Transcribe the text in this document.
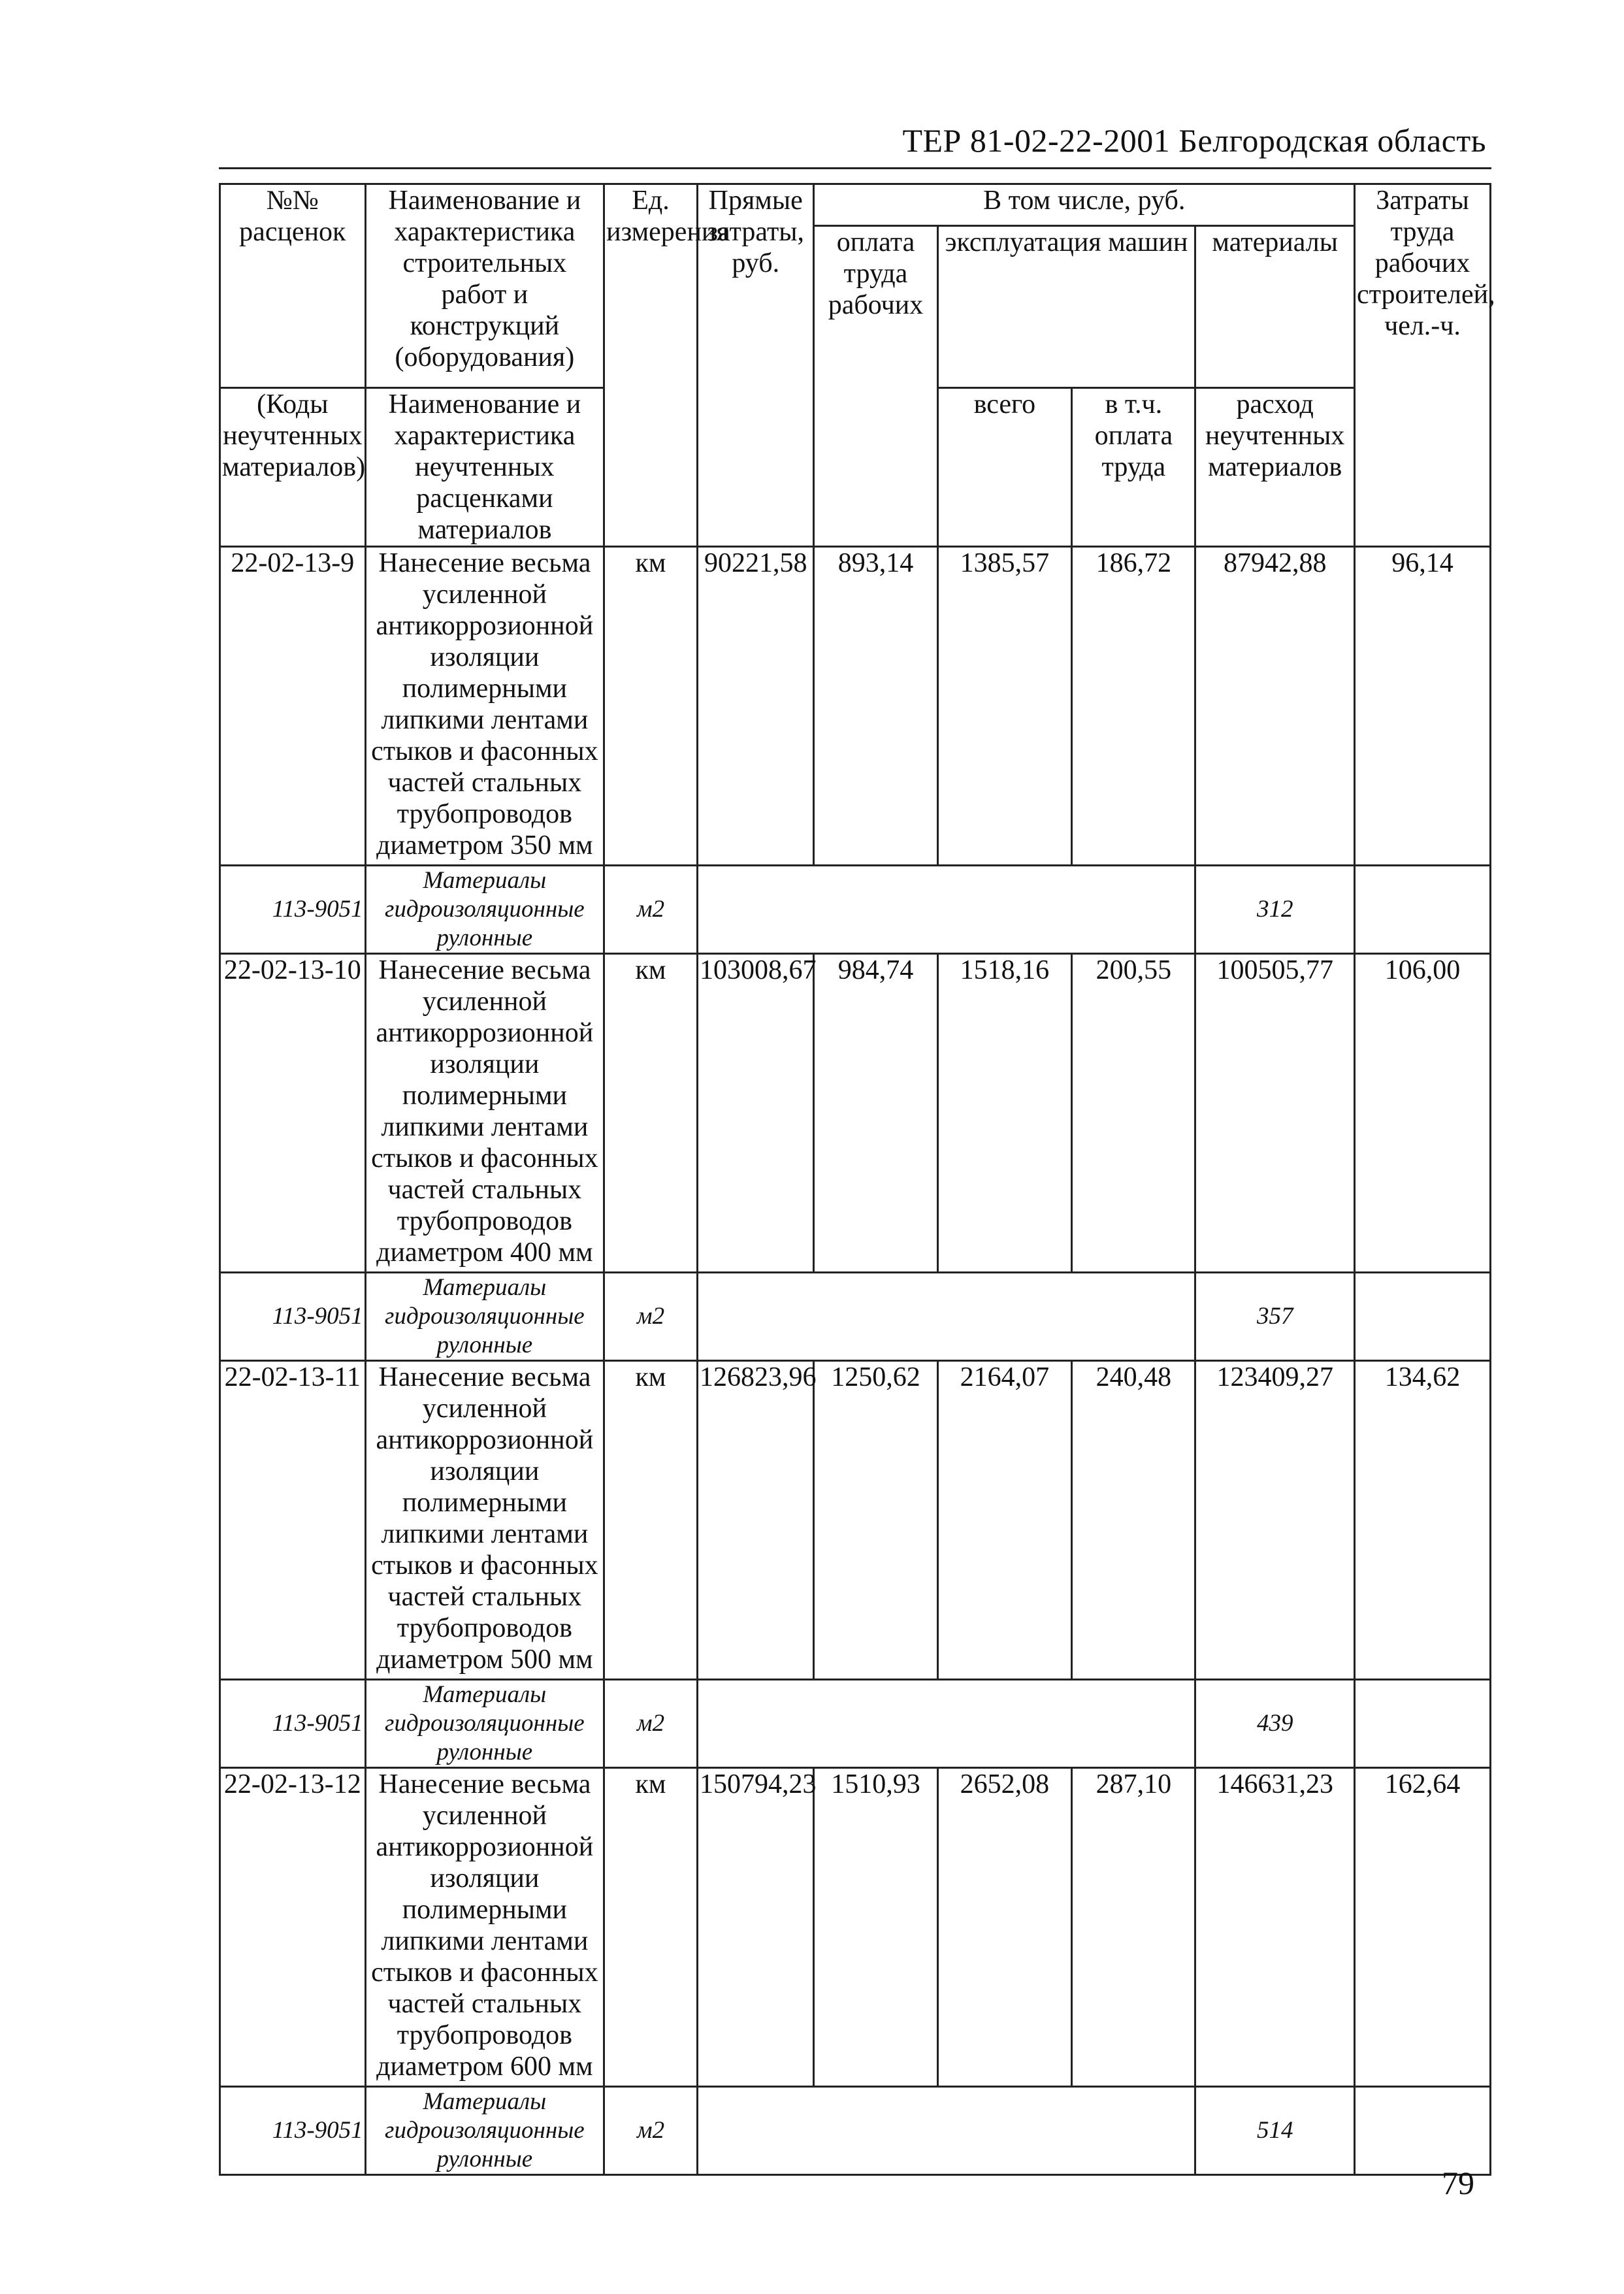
ТЕР 81-02-22-2001 Белгородская область
№№ расценок	Наименование и характеристика строительных работ и конструкций (оборудования)	Ед. измерения	Прямые затраты, руб.	В том числе, руб.				Затраты труда рабочих строителей, чел.-ч.
				оплата труда рабочих	эксплуатация машин		материалы	
(Коды неучтенных материалов)	Наименование и характеристика неучтенных расценками материалов				всего	в т.ч. оплата труда	расход неучтенных материалов	
22-02-13-9	Нанесение весьма усиленной антикоррозионной изоляции полимерными липкими лентами стыков и фасонных частей стальных трубопроводов диаметром 350 мм	км	90221,58	893,14	1385,57	186,72	87942,88	96,14
113-9051	Материалы гидроизоляционные рулонные	м2					312	
22-02-13-10	Нанесение весьма усиленной антикоррозионной изоляции полимерными липкими лентами стыков и фасонных частей стальных трубопроводов диаметром 400 мм	км	103008,67	984,74	1518,16	200,55	100505,77	106,00
113-9051	Материалы гидроизоляционные рулонные	м2					357	
22-02-13-11	Нанесение весьма усиленной антикоррозионной изоляции полимерными липкими лентами стыков и фасонных частей стальных трубопроводов диаметром 500 мм	км	126823,96	1250,62	2164,07	240,48	123409,27	134,62
113-9051	Материалы гидроизоляционные рулонные	м2					439	
22-02-13-12	Нанесение весьма усиленной антикоррозионной изоляции полимерными липкими лентами стыков и фасонных частей стальных трубопроводов диаметром 600 мм	км	150794,23	1510,93	2652,08	287,10	146631,23	162,64
113-9051	Материалы гидроизоляционные рулонные	м2					514	
79
